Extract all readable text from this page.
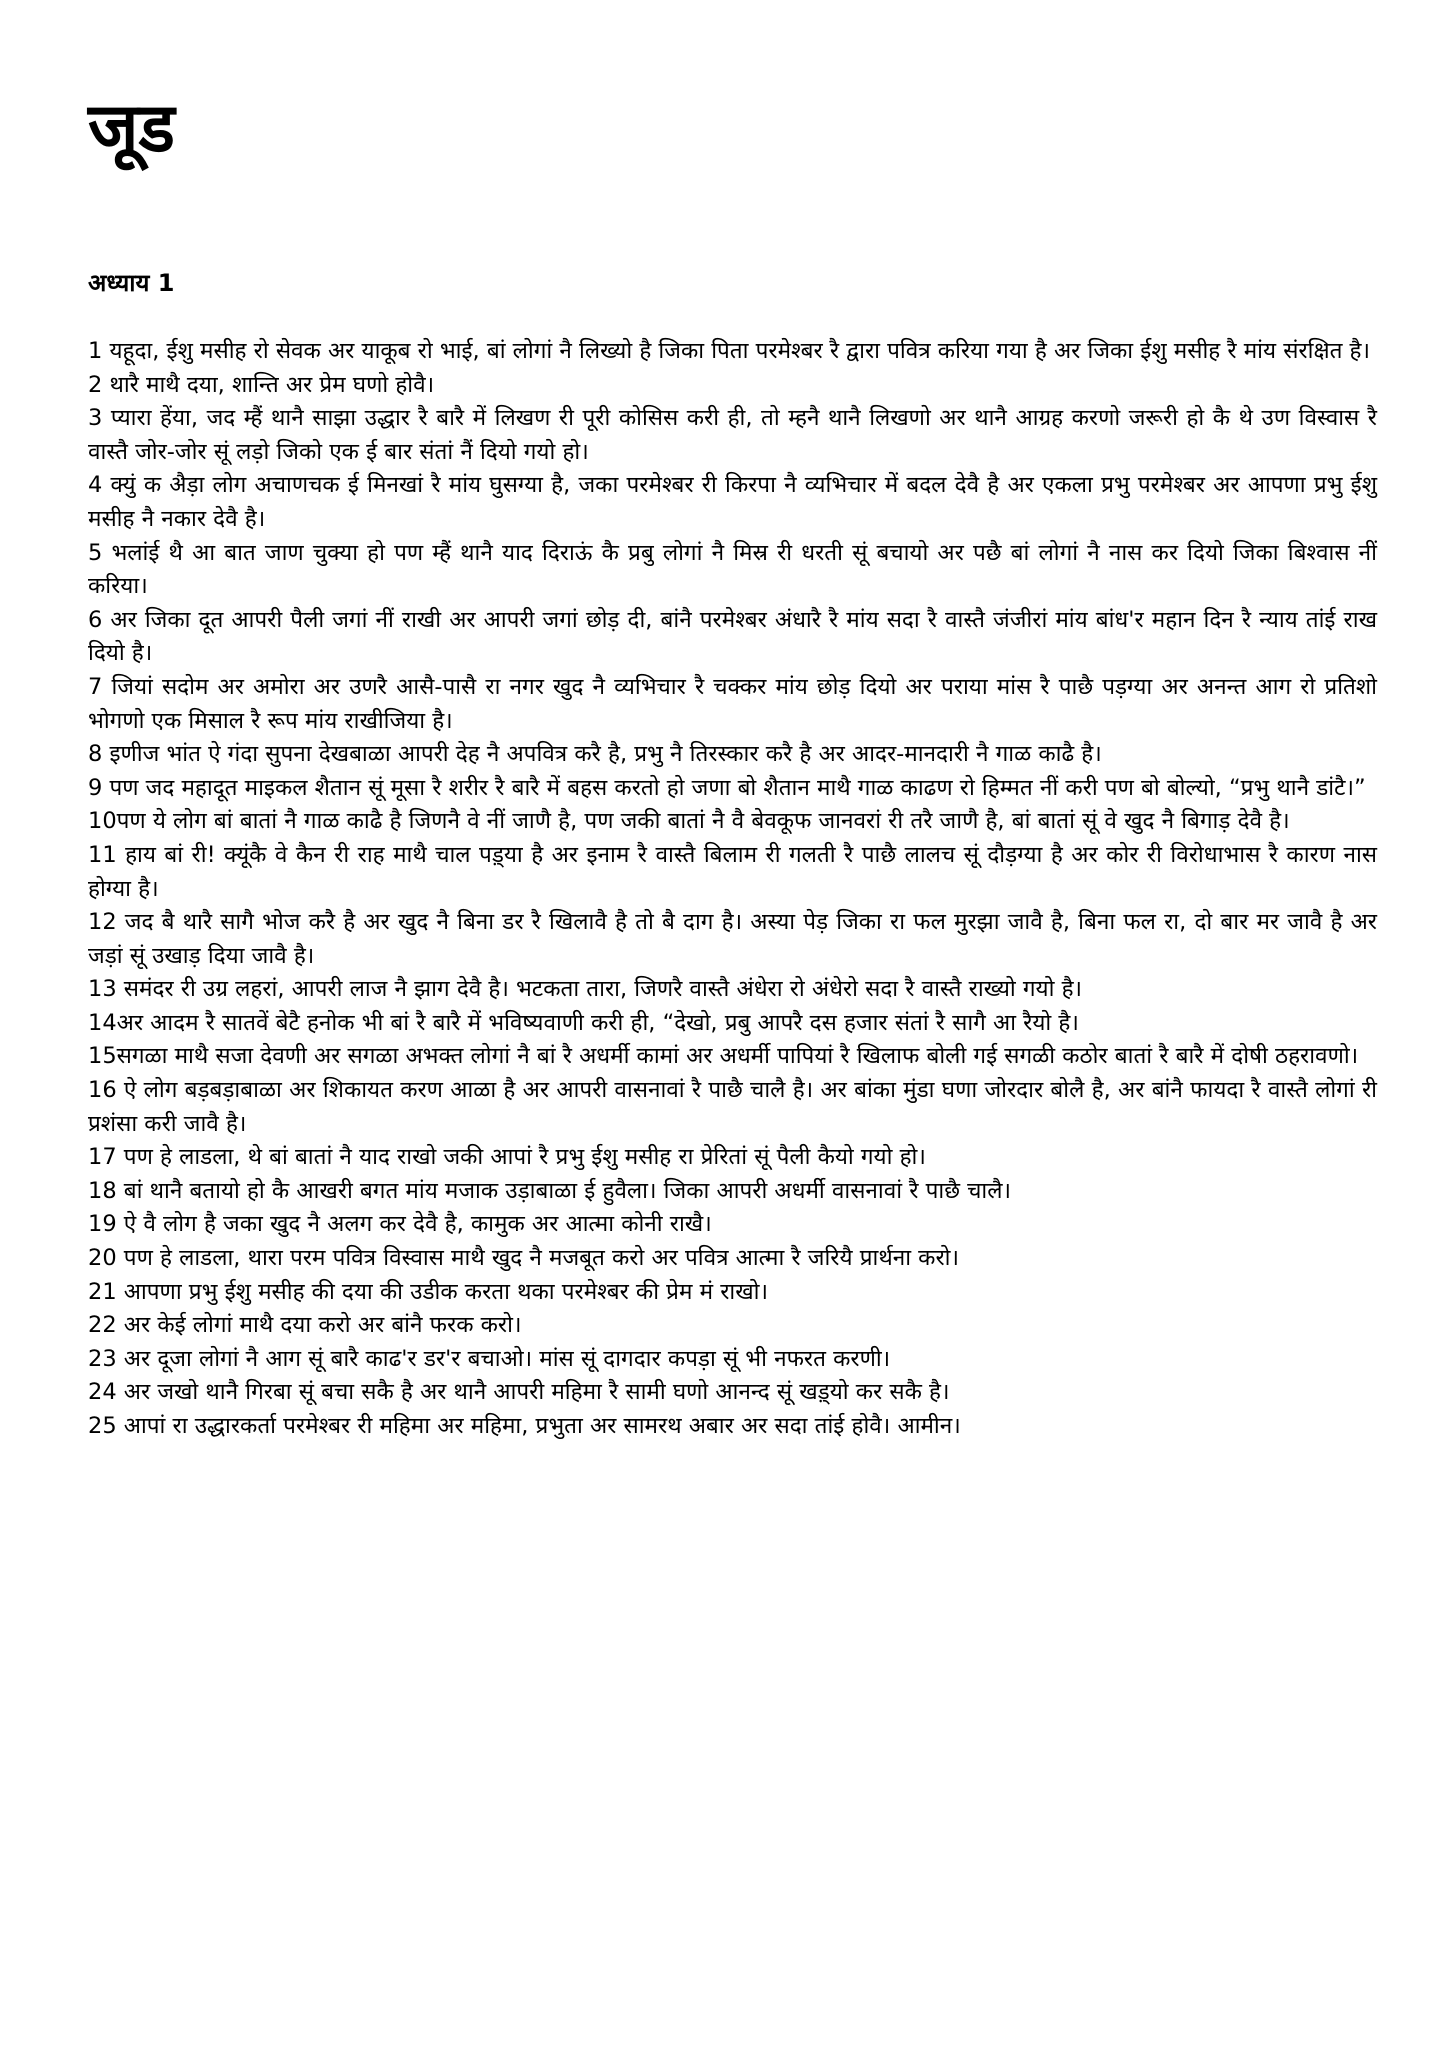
जूड
अध्याय 1

1 यहूदा, ईशु मसीह रो सेवक अर याकूब रो भाई, बां लोगां नै लिख्यो है जिका पिता परमेश्बर रै द्वारा पवित्र करिया गया है अर जिका ईशु मसीह रै मांय संरक्षित है।

2 थारै माथै दया, शान्ति अर प्रेम घणो होवै।

3 प्यारा हेंया, जद म्हैं थानै साझा उद्धार रै बारै में लिखण री पूरी कोसिस करी ही, तो म्हनै थानै लिखणो अर थानै आग्रह करणो जरूरी हो कै थे उण विस्वास रै वास्तै जोर-जोर सूं लड़ो जिको एक ई बार संतां नैं दियो गयो हो।

4 क्युं क अैड़ा लोग अचाणचक ई मिनखां रै मांय घुसग्या है, जका परमेश्बर री किरपा नै व्यभिचार में बदल देवै है अर एकला प्रभु परमेश्बर अर आपणा प्रभु ईशु मसीह नै नकार देवै है।

5 भलांई थै आ बात जाण चुक्या हो पण म्हैं थानै याद दिराऊं कै प्रबु लोगां नै मिस्र री धरती सूं बचायो अर पछै बां लोगां नै नास कर दियो जिका बिश्वास नीं करिया।

6 अर जिका दूत आपरी पैली जगां नीं राखी अर आपरी जगां छोड़ दी, बांनै परमेश्बर अंधारै रै मांय सदा रै वास्तै जंजीरां मांय बांध'र महान दिन रै न्याय तांई राख दियो है।

7 जियां सदोम अर अमोरा अर उणरै आसै-पासै रा नगर खुद नै व्यभिचार रै चक्कर मांय छोड़ दियो अर पराया मांस रै पाछै पड़ग्या अर अनन्त आग रो प्रतिशो भोगणो एक मिसाल रै रूप मांय राखीजिया है।

8 इणीज भांत ऐ गंदा सुपना देखबाळा आपरी देह नै अपवित्र करै है, प्रभु नै तिरस्कार करै है अर आदर-मानदारी नै गाळ काढै है।

9 पण जद महादूत माइकल शैतान सूं मूसा रै शरीर रै बारै में बहस करतो हो जणा बो शैतान माथै गाळ काढण रो हिम्मत नीं करी पण बो बोल्यो, “प्रभु थानै डांटै।”

10पण ये लोग बां बातां नै गाळ काढै है जिणनै वे नीं जाणै है, पण जकी बातां नै वै बेवकूफ जानवरां री तरै जाणै है, बां बातां सूं वे खुद नै बिगाड़ देवै है।

11 हाय बां री! क्यूंकै वे कैन री राह माथै चाल पड़्या है अर इनाम रै वास्तै बिलाम री गलती रै पाछै लालच सूं दौड़ग्या है अर कोर री विरोधाभास रै कारण नास होग्या है।

12 जद बै थारै सागै भोज करै है अर खुद नै बिना डर रै खिलावै है तो बै दाग है। अस्या पेड़ जिका रा फल मुरझा जावै है, बिना फल रा, दो बार मर जावै है अर जड़ां सूं उखाड़ दिया जावै है।

13 समंदर री उग्र लहरां, आपरी लाज नै झाग देवै है। भटकता तारा, जिणरै वास्तै अंधेरा रो अंधेरो सदा रै वास्तै राख्यो गयो है।

14अर आदम रै सातवें बेटै हनोक भी बां रै बारै में भविष्यवाणी करी ही, “देखो, प्रबु आपरै दस हजार संतां रै सागै आ रैयो है।

15सगळा माथै सजा देवणी अर सगळा अभक्त लोगां नै बां रै अधर्मी कामां अर अधर्मी पापियां रै खिलाफ बोली गई सगळी कठोर बातां रै बारै में दोषी ठहरावणो।

16 ऐ लोग बड़बड़ाबाळा अर शिकायत करण आळा है अर आपरी वासनावां रै पाछै चालै है। अर बांका मुंडा घणा जोरदार बोलै है, अर बांनै फायदा रै वास्तै लोगां री प्रशंसा करी जावै है।

17 पण हे लाडला, थे बां बातां नै याद राखो जकी आपां रै प्रभु ईशु मसीह रा प्रेरितां सूं पैली कैयो गयो हो।

18 बां थानै बतायो हो कै आखरी बगत मांय मजाक उड़ाबाळा ई हुवैला। जिका आपरी अधर्मी वासनावां रै पाछै चालै।

19 ऐ वै लोग है जका खुद नै अलग कर देवै है, कामुक अर आत्मा कोनी राखै।

20 पण हे लाडला, थारा परम पवित्र विस्वास माथै खुद नै मजबूत करो अर पवित्र आत्मा रै जरियै प्रार्थना करो।

21 आपणा प्रभु ईशु मसीह की दया की उडीक करता थका परमेश्बर की प्रेम मं राखो।

22 अर केई लोगां माथै दया करो अर बांनै फरक करो।

23 अर दूजा लोगां नै आग सूं बारै काढ'र डर'र बचाओ। मांस सूं दागदार कपड़ा सूं भी नफरत करणी।

24 अर जखो थानै गिरबा सूं बचा सकै है अर थानै आपरी महिमा रै सामी घणो आनन्द सूं खड़्यो कर सकै है।

25 आपां रा उद्धारकर्ता परमेश्बर री महिमा अर महिमा, प्रभुता अर सामरथ अबार अर सदा तांई होवै। आमीन।
